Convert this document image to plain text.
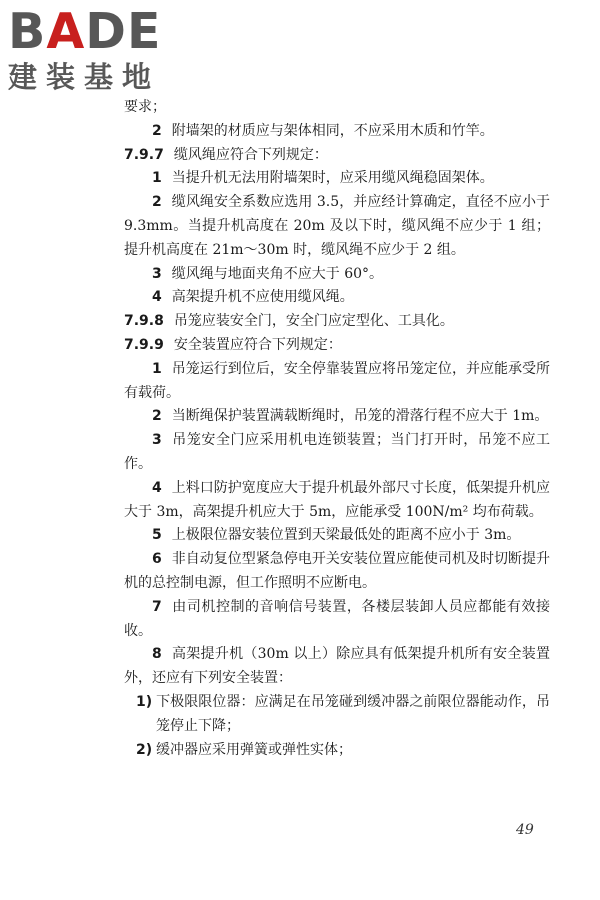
BADE
建装基地

要求；

2 附墙架的材质应与架体相同，不应采用木质和竹竿。

7.9.7 缆风绳应符合下列规定：

1 当提升机无法用附墙架时，应采用缆风绳稳固架体。

2 缆风绳安全系数应选用 3.5，并应经计算确定，直径不应小于 9.3mm。当提升机高度在 20m 及以下时，缆风绳不应少于 1 组；提升机高度在 21m～30m 时，缆风绳不应少于 2 组。

3 缆风绳与地面夹角不应大于 60°。

4 高架提升机不应使用缆风绳。

7.9.8 吊笼应装安全门，安全门应定型化、工具化。

7.9.9 安全装置应符合下列规定：

1 吊笼运行到位后，安全停靠装置应将吊笼定位，并应能承受所有载荷。

2 当断绳保护装置满载断绳时，吊笼的滑落行程不应大于 1m。

3 吊笼安全门应采用机电连锁装置；当门打开时，吊笼不应工作。

4 上料口防护宽度应大于提升机最外部尺寸长度，低架提升机应大于 3m，高架提升机应大于 5m，应能承受 100N/m² 均布荷载。

5 上极限位器安装位置到天梁最低处的距离不应小于 3m。

6 非自动复位型紧急停电开关安装位置应能使司机及时切断提升机的总控制电源，但工作照明不应断电。

7 由司机控制的音响信号装置，各楼层装卸人员应都能有效接收。

8 高架提升机（30m 以上）除应具有低架提升机所有安全装置外，还应有下列安全装置：

1) 下极限限位器：应满足在吊笼碰到缓冲器之前限位器能动作，吊笼停止下降；

2) 缓冲器应采用弹簧或弹性实体；

49
